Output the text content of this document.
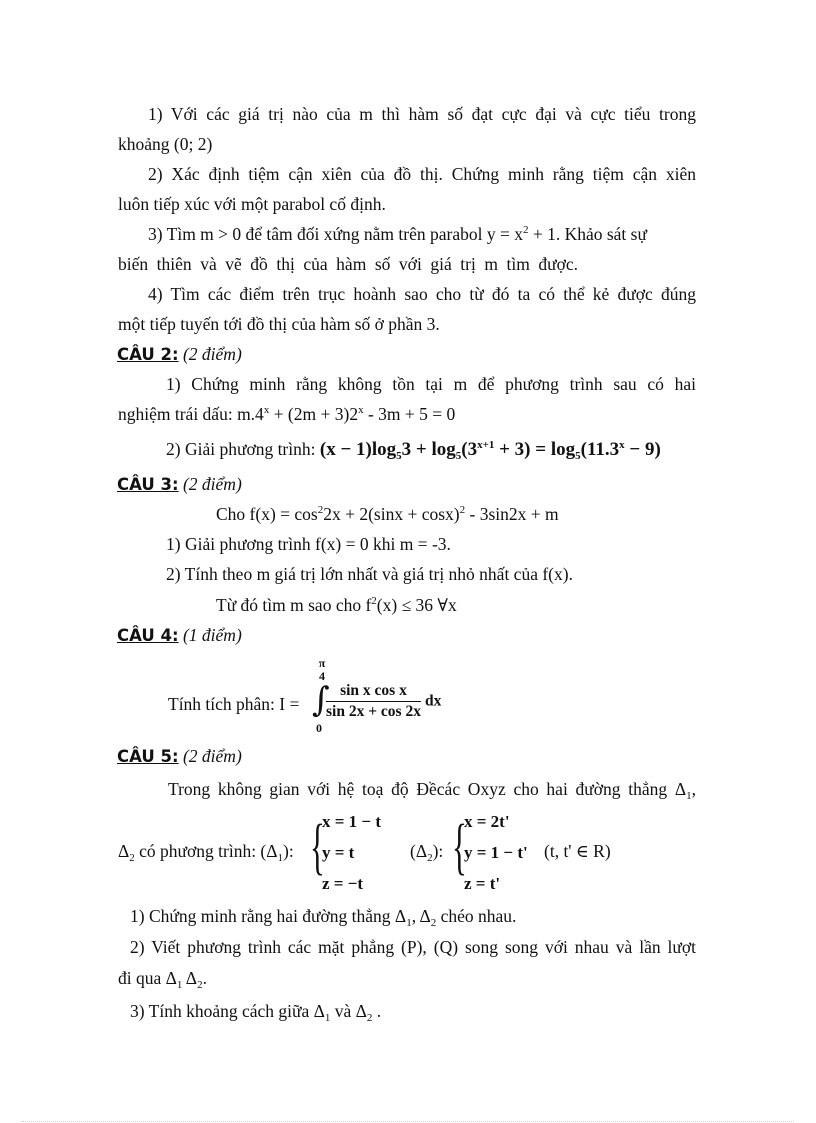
1) Với các giá trị nào của m thì hàm số đạt cực đại và cực tiểu trong
khoảng (0; 2)
2) Xác định tiệm cận xiên của đồ thị. Chứng minh rằng tiệm cận xiên
luôn tiếp xúc với một parabol cố định.
3) Tìm m > 0 để tâm đối xứng nằm trên parabol $y = x^2 + 1$. Khảo sát sự
biến thiên và vẽ đồ thị của hàm số với giá trị m tìm được.
4) Tìm các điểm trên trục hoành sao cho từ đó ta có thể kẻ được đúng
một tiếp tuyến tới đồ thị của hàm số ở phần 3.
CÂU 2: (2 điểm)
1) Chứng minh rằng không tồn tại m để phương trình sau có hai
nghiệm trái dấu: $m.4^x + (2m + 3)2^x - 3m + 5 = 0$
2) Giải phương trình: $(x - 1)\log_53 + \log_5(3^{x+1} + 3) = \log_5(11.3^x - 9)$
CÂU 3: (2 điểm)
Cho $f(x) = \cos^22x + 2(\sin x + \cos x)^2 - 3\sin 2x + m$
1) Giải phương trình f(x) = 0 khi m = -3.
2) Tính theo m giá trị lớn nhất và giá trị nhỏ nhất của f(x).
Từ đó tìm m sao cho $f^2(x) \le 36$ ∀x
CÂU 4: (1 điểm)
Tính tích phân: I =
π
4
∫
0
$\frac{\text{sin x cos x}}{\sin 2x + \cos 2x}$ dx
CÂU 5: (2 điểm)
Trong không gian với hệ toạ độ Đềcác Oxyz cho hai đường thẳng $\Delta_1$,
$\Delta_2$ có phương trình: $(\Delta_1)$: {
x = 1 − t
y = t
z = −t
$(\Delta_2)$: {
x = 2t'
y = 1 − t'
z = t'
(t, t' ∈ R)
1) Chứng minh rằng hai đường thẳng $\Delta_1$, $\Delta_2$ chéo nhau.
2) Viết phương trình các mặt phẳng (P), (Q) song song với nhau và lần lượt
đi qua $\Delta_1$ $\Delta_2$.
3) Tính khoảng cách giữa $\Delta_1$ và $\Delta_2$ .
